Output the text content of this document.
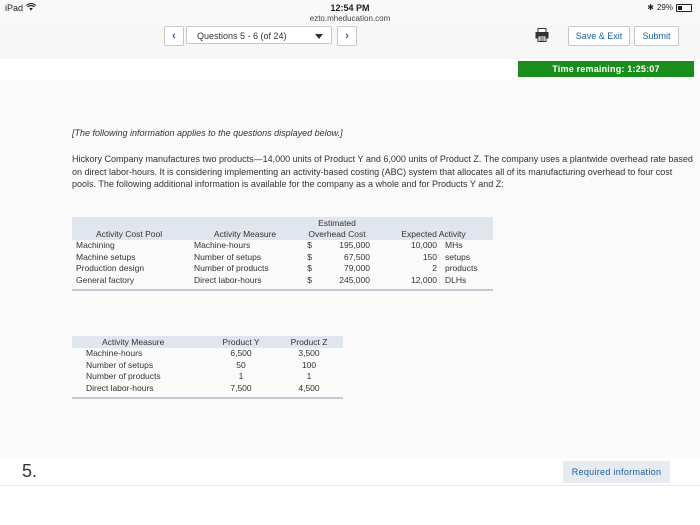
iPad	12:54 PM
ezto.mheducation.com
✱ 29%
‹	Questions 5 - 6 (of 24)	›	Save & Exit	Submit
Time remaining: 1:25:07
[The following information applies to the questions displayed below.]
Hickory Company manufactures two products—14,000 units of Product Y and 6,000 units of Product Z. The company uses a plantwide overhead rate based on direct labor-hours. It is considering implementing an activity-based costing (ABC) system that allocates all of its manufacturing overhead to four cost pools. The following additional information is available for the company as a whole and for Products Y and Z:
Activity Cost Pool	Activity Measure	Estimated Overhead Cost		Expected Activity	
Machining	Machine-hours	$	195,000	10,000	MHs
Machine setups	Number of setups	$	67,500	150	setups
Production design	Number of products	$	79,000	2	products
General factory	Direct labor-hours	$	245,000	12,000	DLHs
Activity Measure	Product Y	Product Z
Machine-hours	6,500	3,500
Number of setups	50	100
Number of products	1	1
Direct labor-hours	7,500	4,500
5.	Required information
